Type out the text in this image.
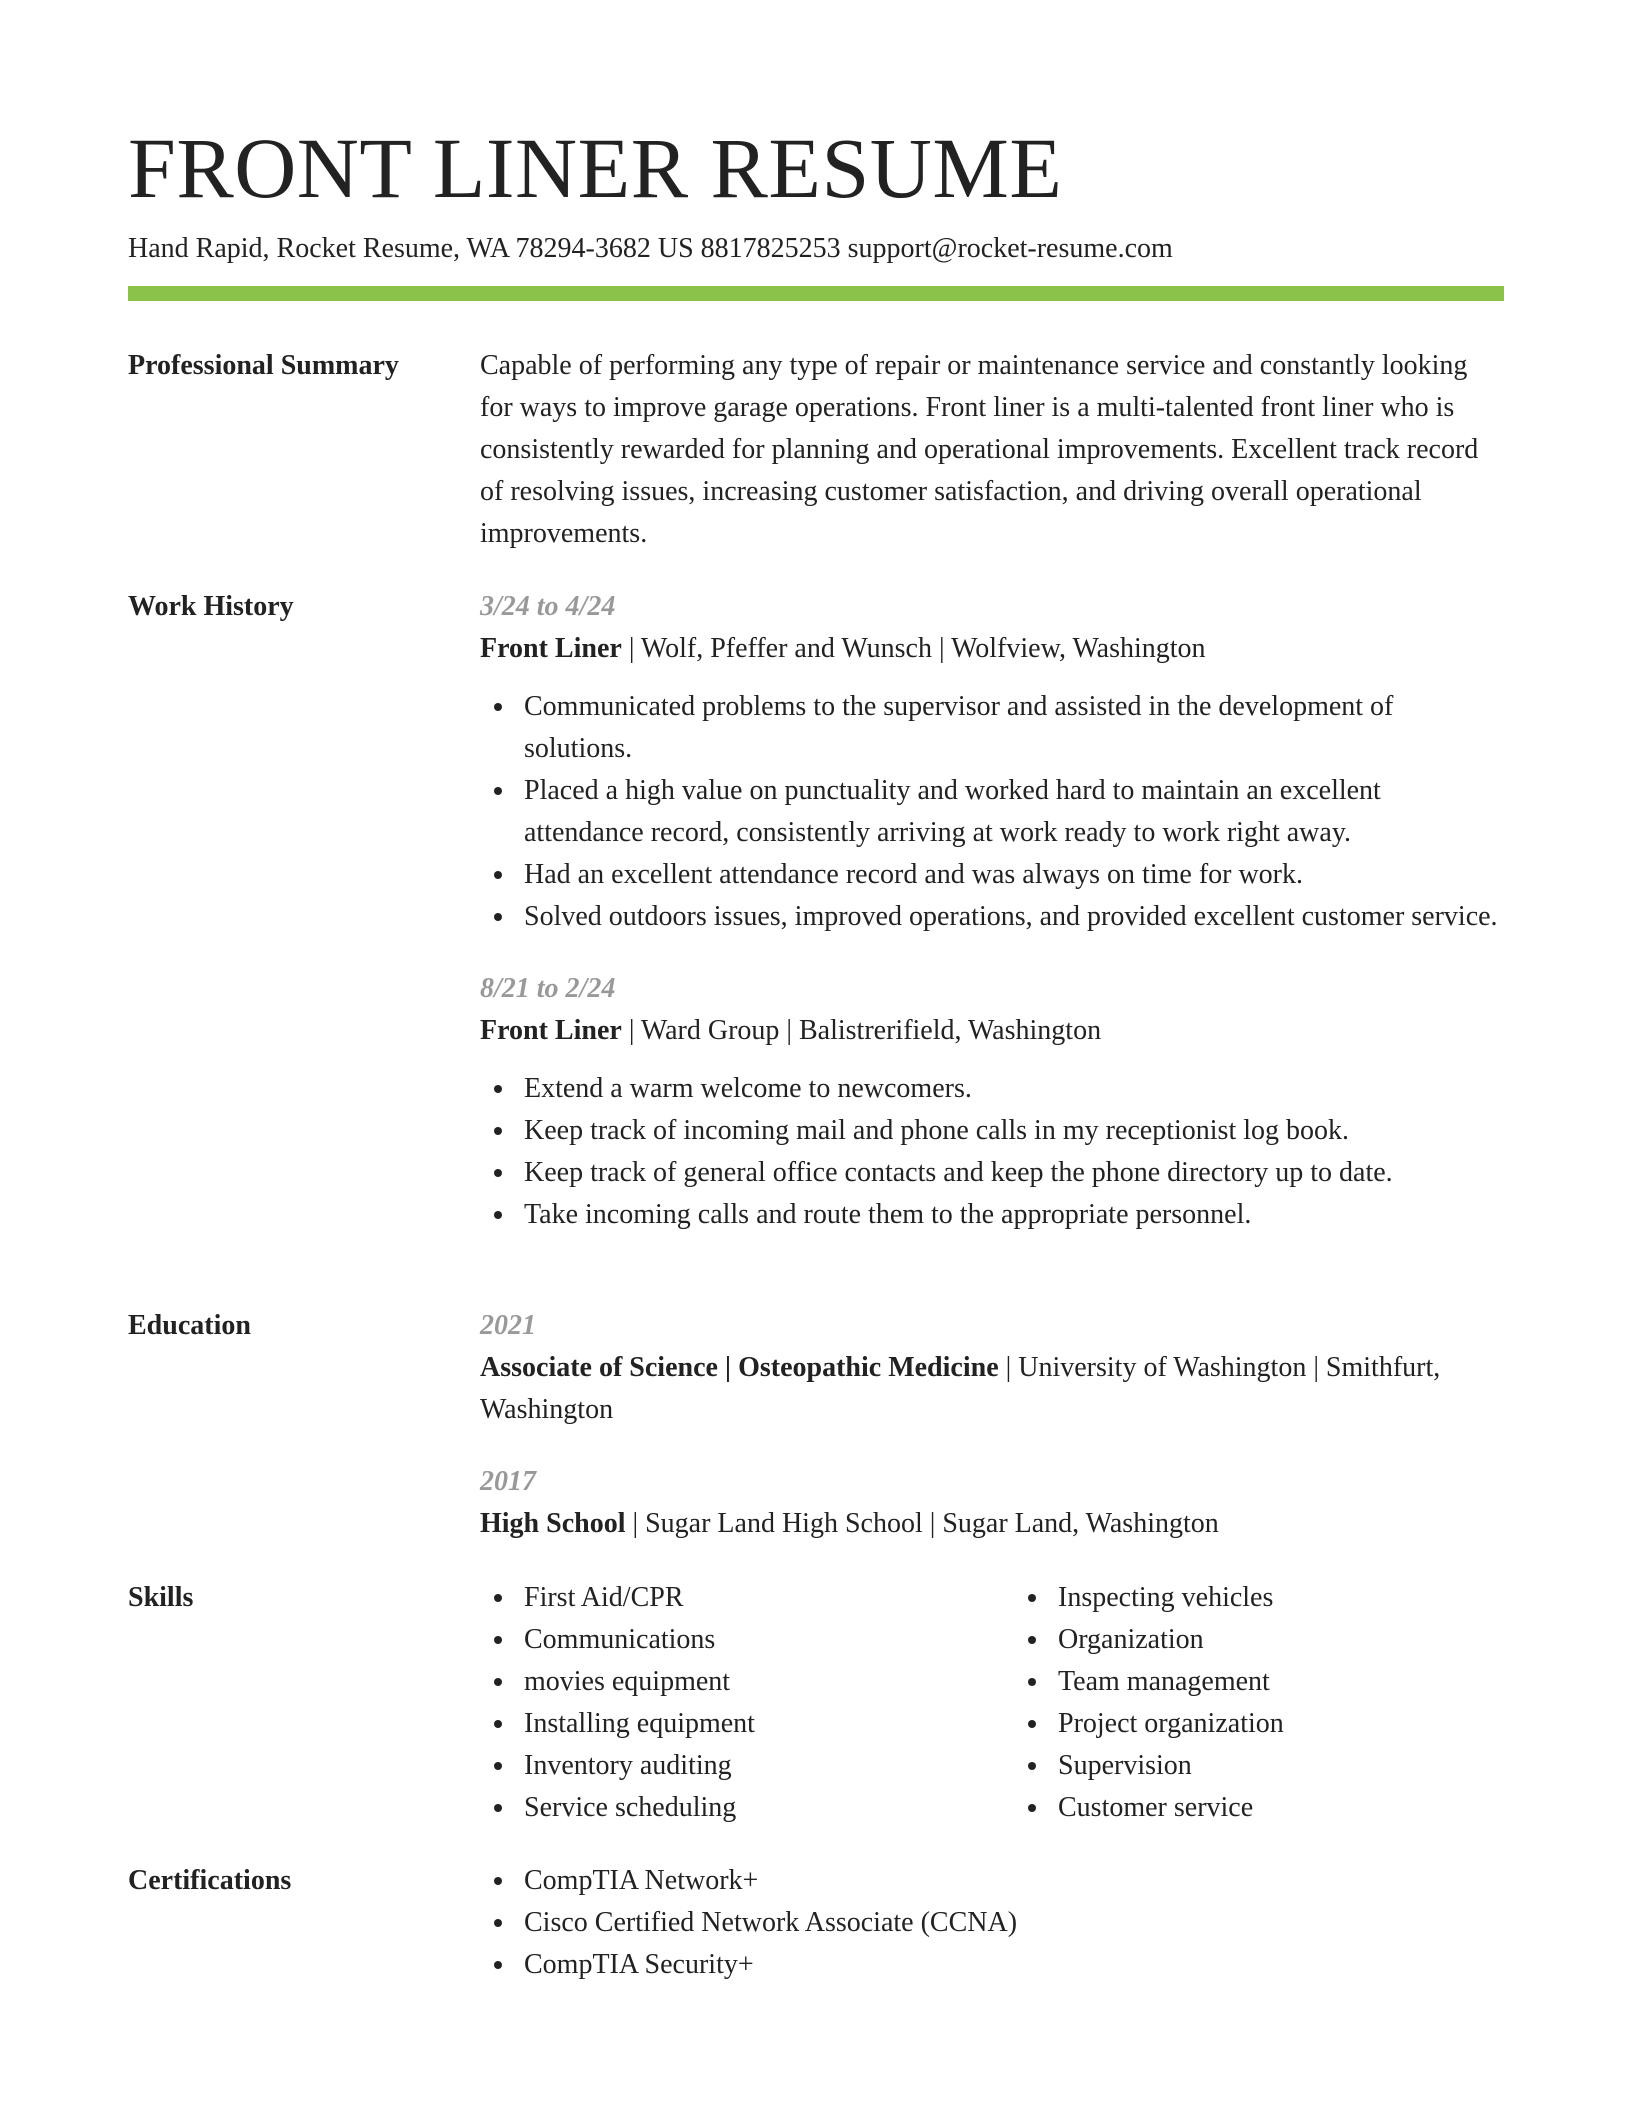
FRONT LINER RESUME
Hand Rapid, Rocket Resume, WA 78294-3682 US 8817825253 support@rocket-resume.com
Professional Summary	Capable of performing any type of repair or maintenance service and constantly looking for ways to improve garage operations. Front liner is a multi-talented front liner who is consistently rewarded for planning and operational improvements. Excellent track record of resolving issues, increasing customer satisfaction, and driving overall operational improvements.

Work History	3/24 to 4/24

Front Liner | Wolf, Pfeffer and Wunsch | Wolfview, Washington

Communicated problems to the supervisor and assisted in the development of solutions.
Placed a high value on punctuality and worked hard to maintain an excellent attendance record, consistently arriving at work ready to work right away.
Had an excellent attendance record and was always on time for work.
Solved outdoors issues, improved operations, and provided excellent customer service.

8/21 to 2/24

Front Liner | Ward Group | Balistrerifield, Washington

Extend a warm welcome to newcomers.
Keep track of incoming mail and phone calls in my receptionist log book.
Keep track of general office contacts and keep the phone directory up to date.
Take incoming calls and route them to the appropriate personnel.
Education	2021

Associate of Science | Osteopathic Medicine | University of Washington | Smithfurt, Washington

2017

High School | Sugar Land High School | Sugar Land, Washington

Skills	First Aid/CPR
Communications
movies equipment
Installing equipment
Inventory auditing
Service scheduling
Inspecting vehicles
Organization
Team management
Project organization
Supervision
Customer service
Certifications	CompTIA Network+
Cisco Certified Network Associate (CCNA)
CompTIA Security+
